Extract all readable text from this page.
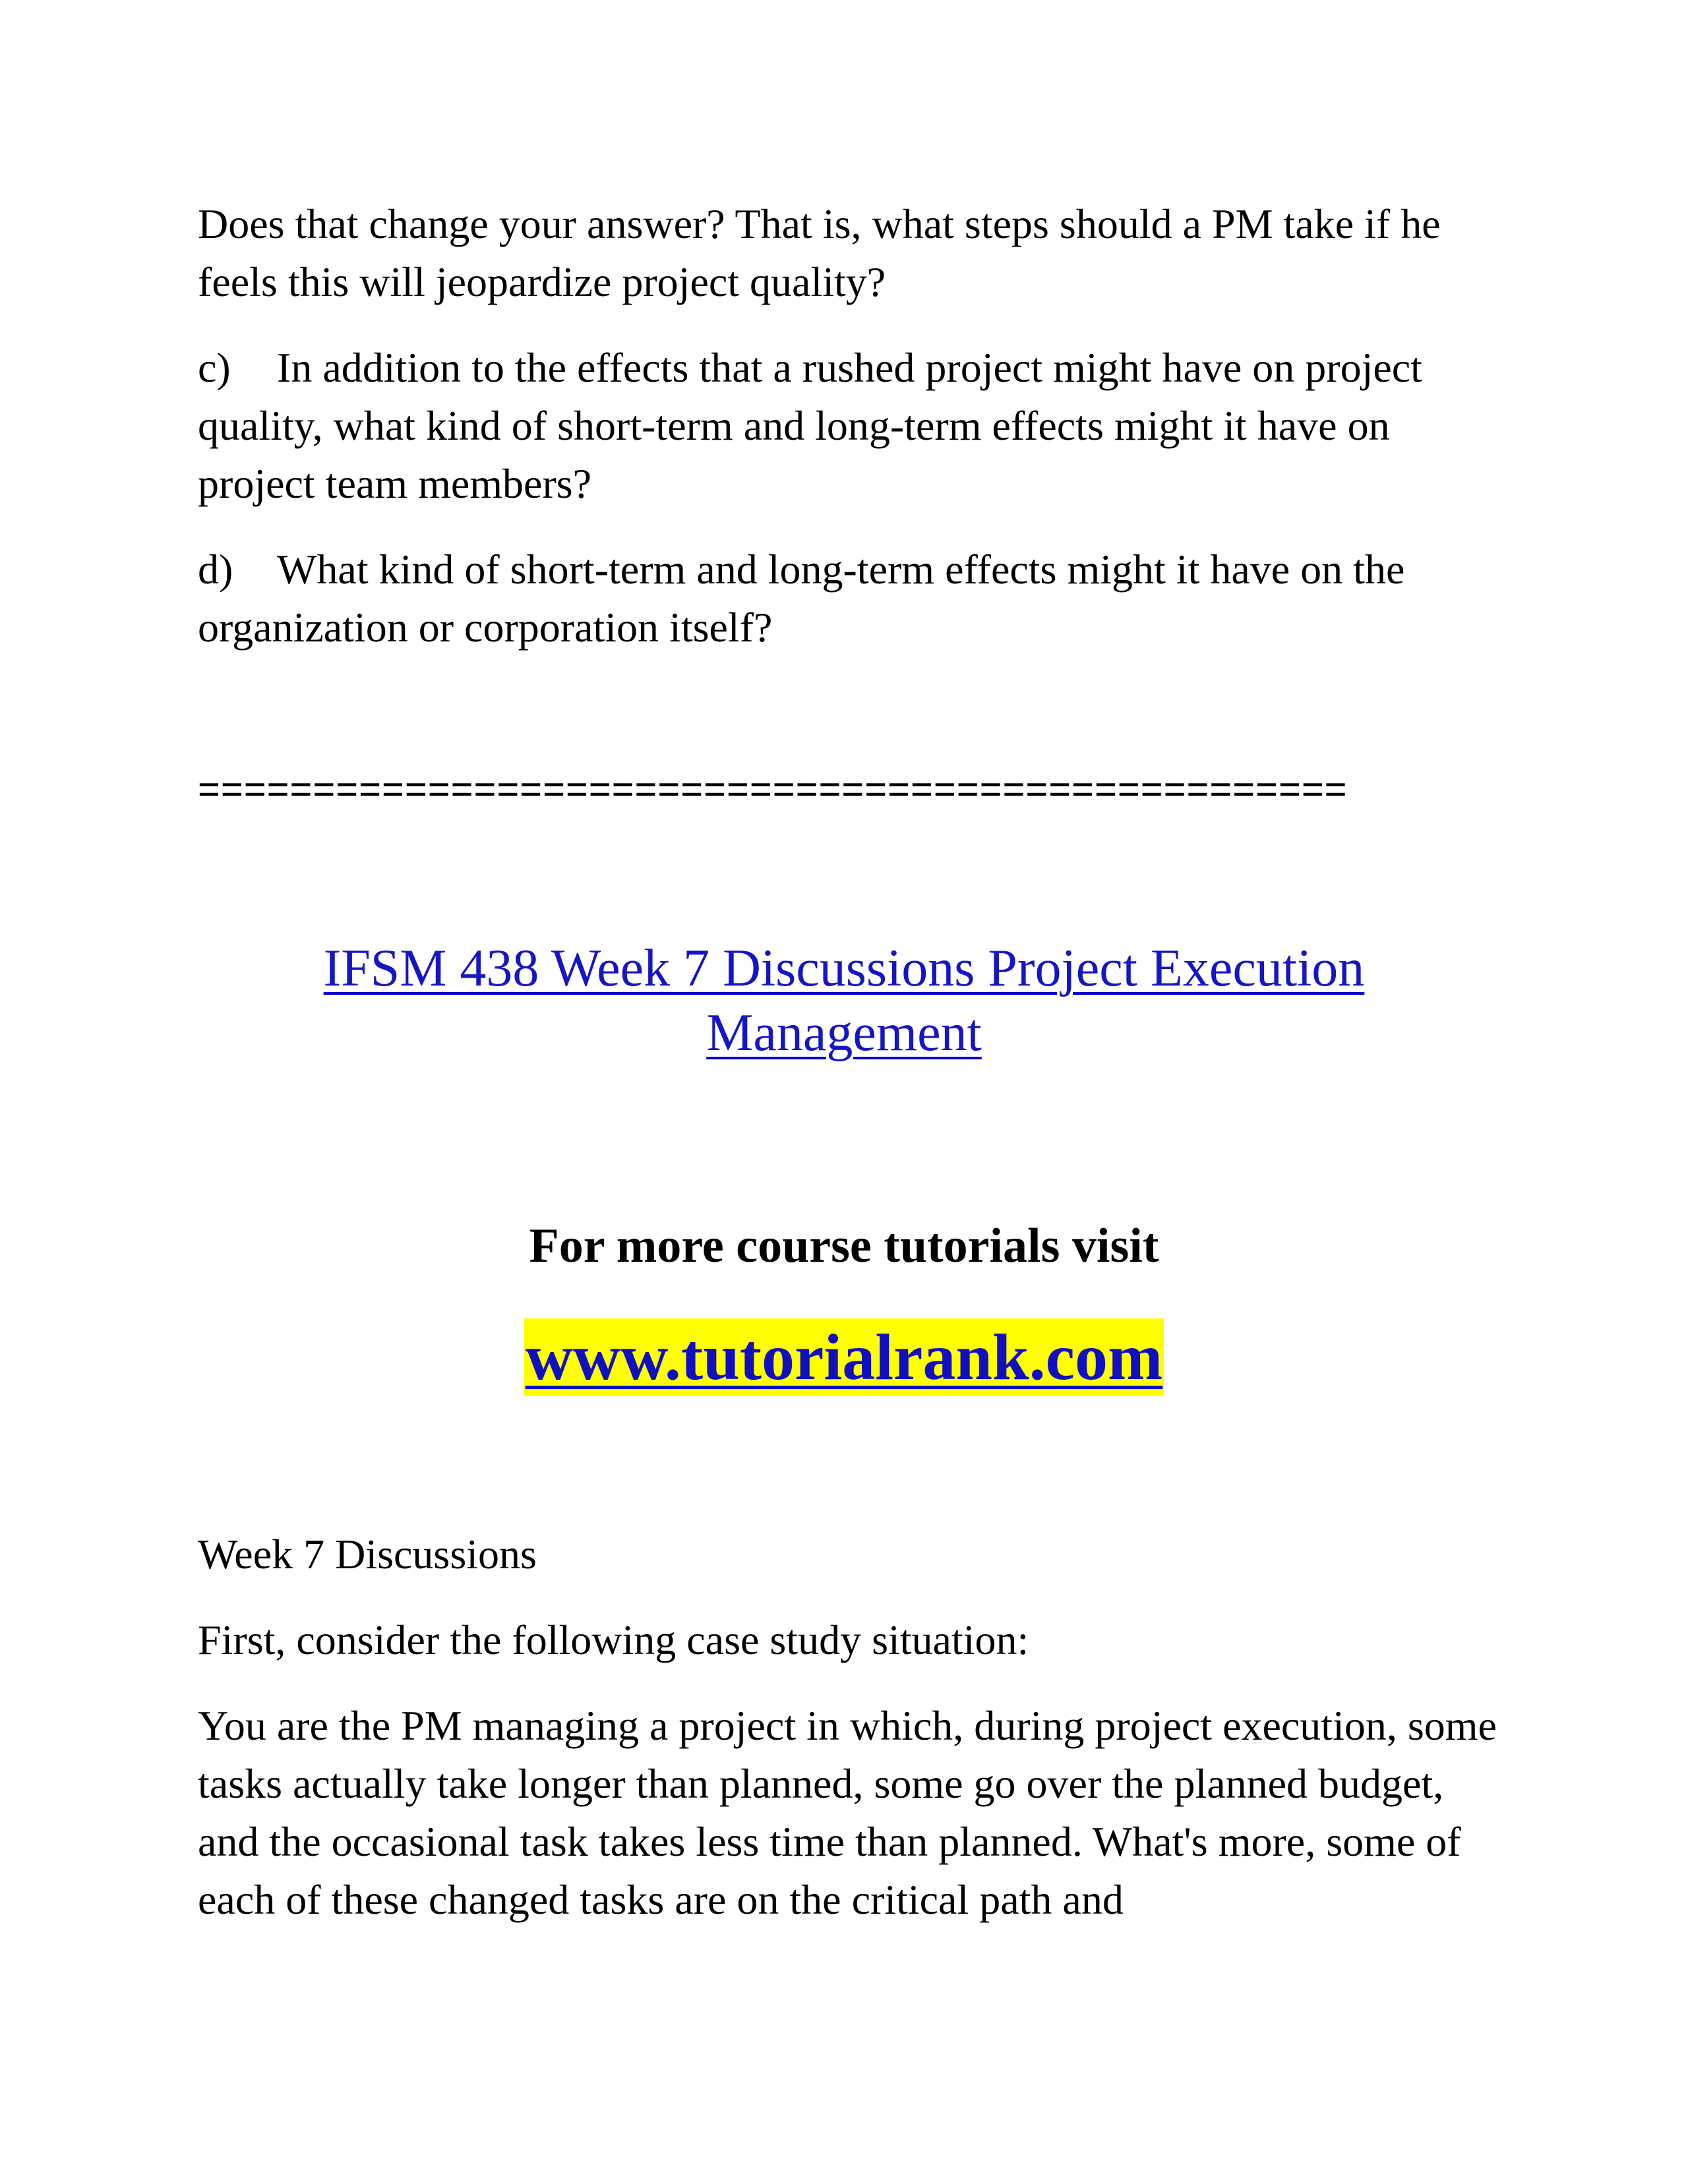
Does that change your answer? That is, what steps should a PM take if he feels this will jeopardize project quality?

c) In addition to the effects that a rushed project might have on project quality, what kind of short-term and long-term effects might it have on project team members?

d) What kind of short-term and long-term effects might it have on the organization or corporation itself?

==================================================

IFSM 438 Week 7 Discussions Project Execution
Management

For more course tutorials visit

www.tutorialrank.com

Week 7 Discussions

First, consider the following case study situation:

You are the PM managing a project in which, during project execution, some tasks actually take longer than planned, some go over the planned budget, and the occasional task takes less time than planned. What's more, some of each of these changed tasks are on the critical path and
